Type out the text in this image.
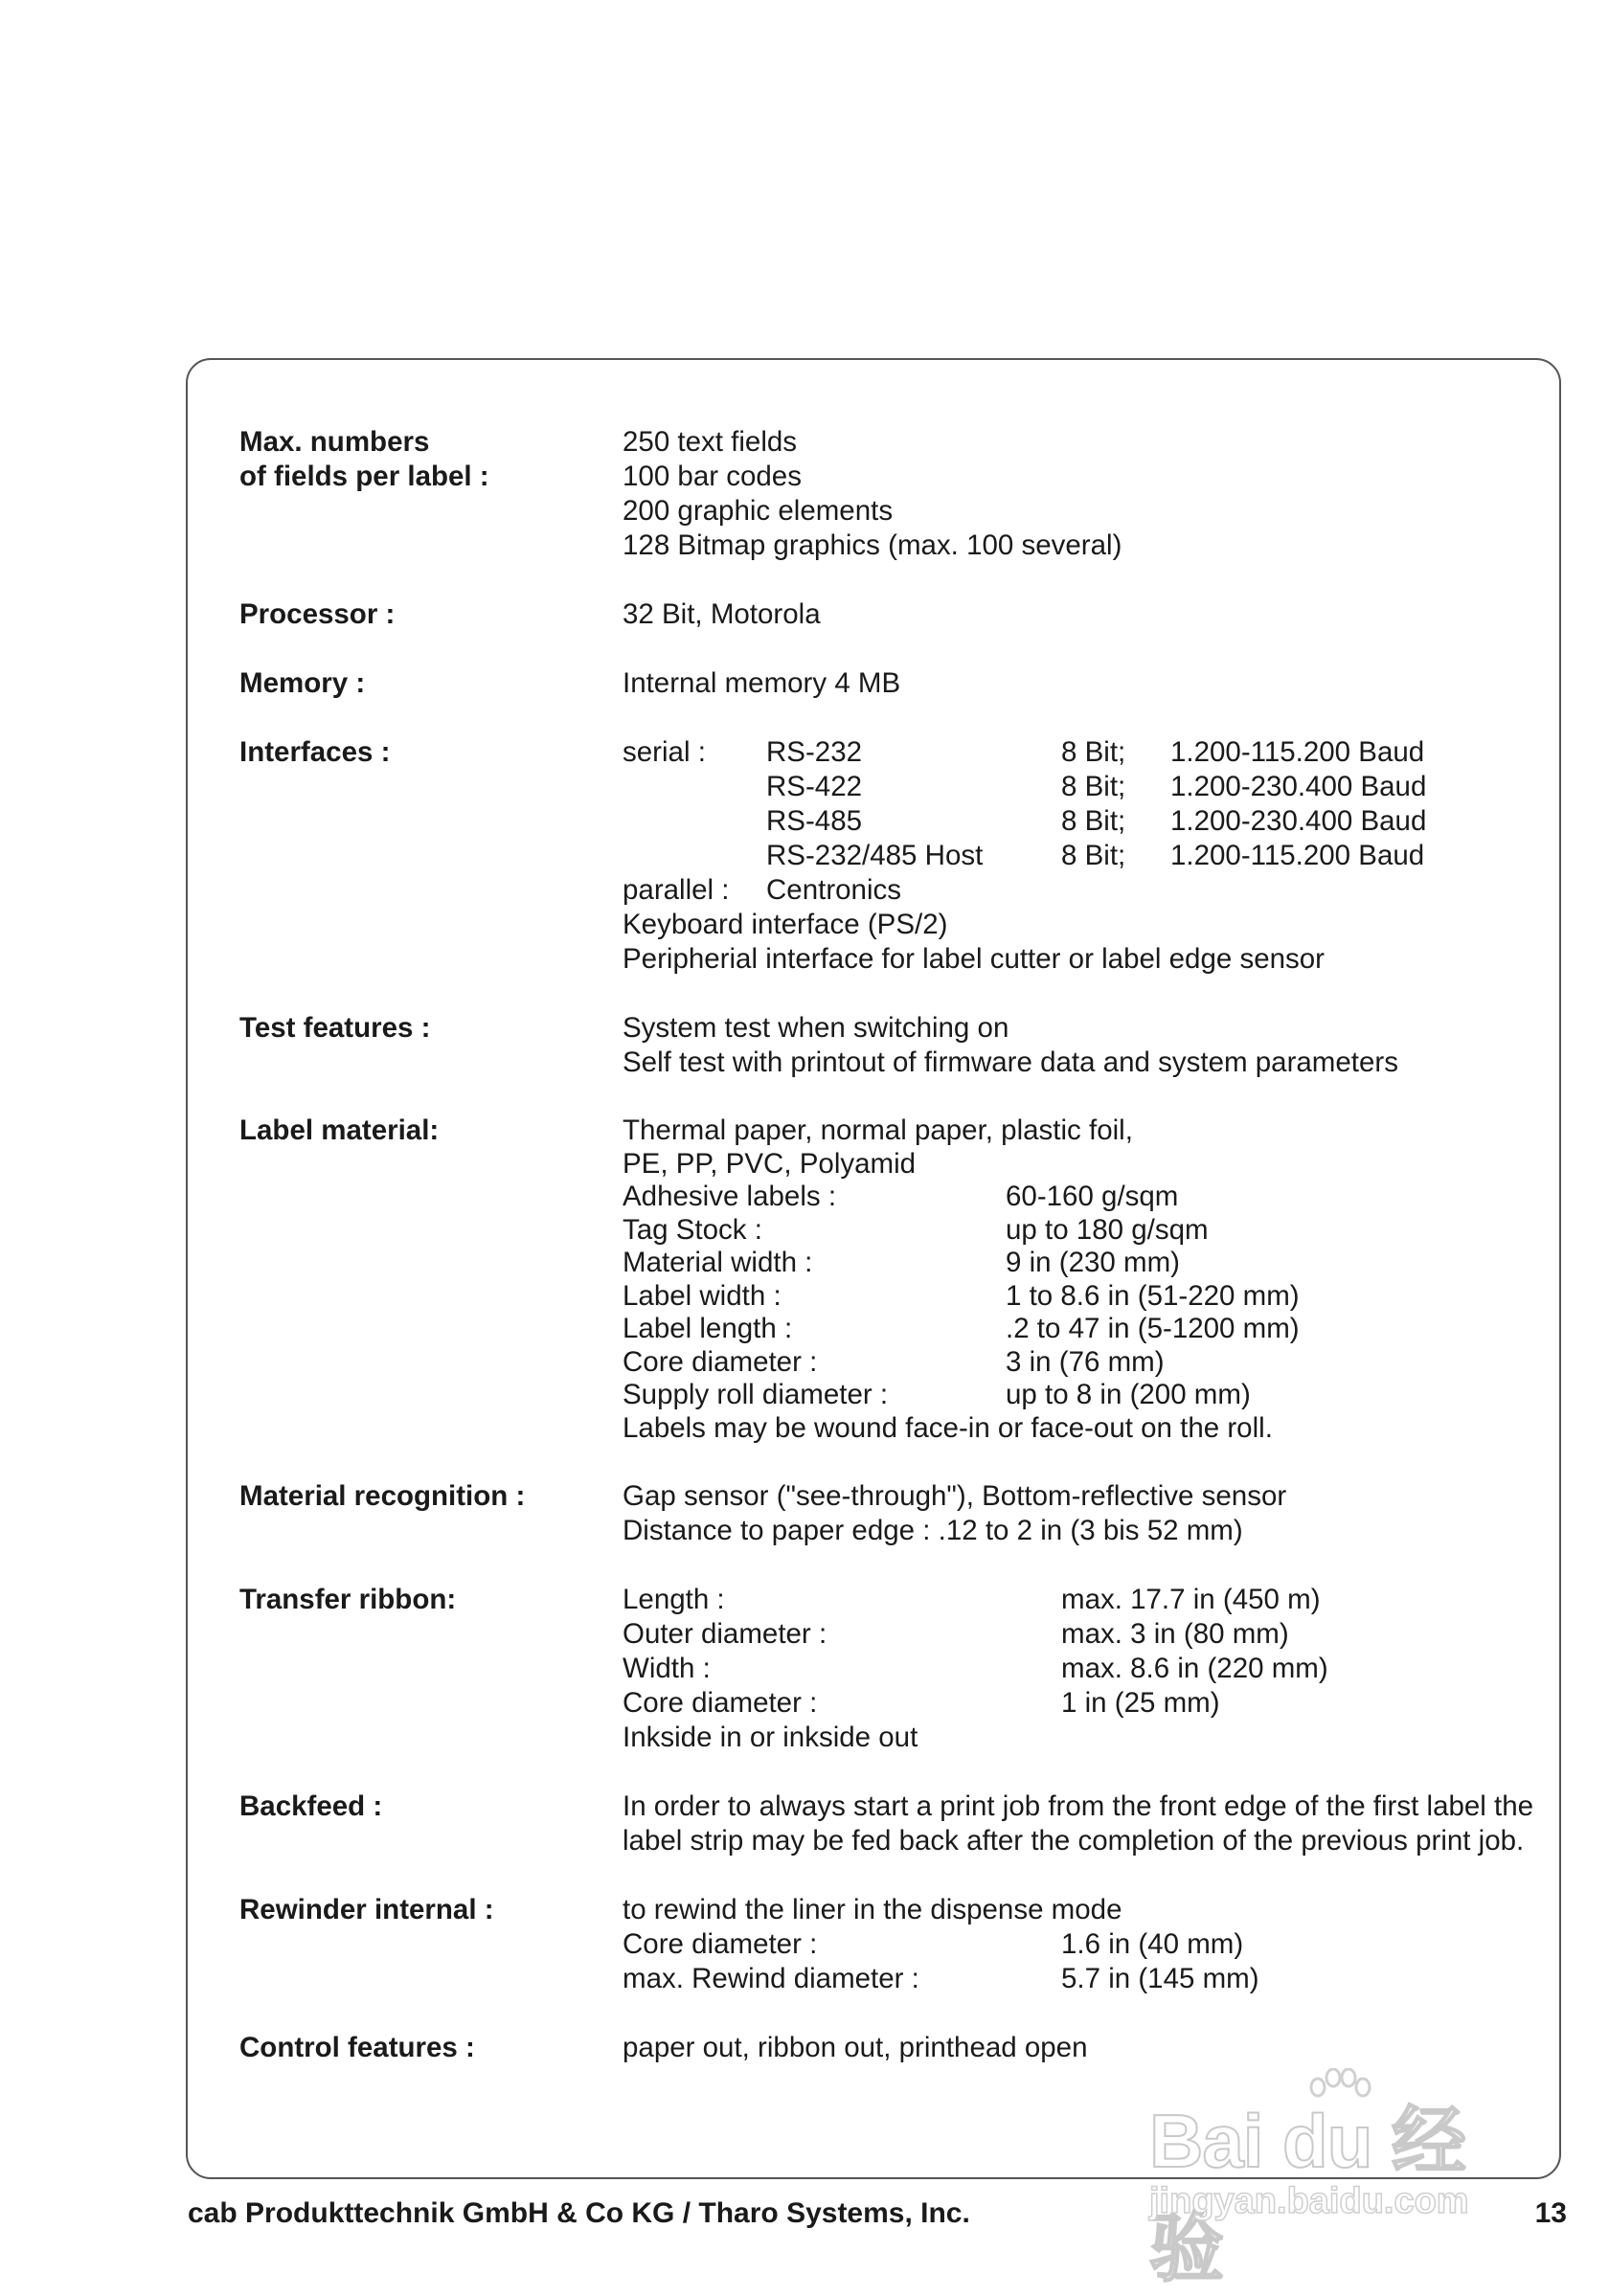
Max. numbers
of fields per label :
250 text fields
100 bar codes
200 graphic elements
128 Bitmap graphics (max. 100 several)
Processor :	32 Bit, Motorola
Memory :	Internal memory 4 MB
Interfaces :	serial :	RS-232	8 Bit;	1.200-115.200 Baud
RS-422	8 Bit;	1.200-230.400 Baud
RS-485	8 Bit;	1.200-230.400 Baud
RS-232/485 Host	8 Bit;	1.200-115.200 Baud
parallel :	Centronics
Keyboard interface (PS/2)
Peripherial interface for label cutter or label edge sensor
Test features :	System test when switching on
Self test with printout of firmware data and system parameters
Label material:	Thermal paper, normal paper, plastic foil,
PE, PP, PVC, Polyamid
Adhesive labels :	60-160 g/sqm
Tag Stock :	up to 180 g/sqm
Material width :	9 in (230 mm)
Label width :	1 to 8.6 in (51-220 mm)
Label length :	.2 to 47 in (5-1200 mm)
Core diameter :	3 in (76 mm)
Supply roll diameter :	up to 8 in (200 mm)
Labels may be wound face-in or face-out on the roll.
Material recognition :	Gap sensor ("see-through"), Bottom-reflective sensor
Distance to paper edge : .12 to 2 in (3 bis 52 mm)
Transfer ribbon:	Length :	max. 17.7 in (450 m)
Outer diameter :	max. 3 in (80 mm)
Width :	max. 8.6 in (220 mm)
Core diameter :	1 in (25 mm)
Inkside in or inkside out
Backfeed :	In order to always start a print job from the front edge of the first label the label strip may be fed back after the completion of the previous print job.
Rewinder internal :	to rewind the liner in the dispense mode
Core diameter :	1.6 in (40 mm)
max. Rewind diameter :	5.7 in (145 mm)
Control features :	paper out, ribbon out, printhead open
Bai du 经验
jingyan.baidu.com
cab Produkttechnik GmbH & Co KG / Tharo Systems, Inc.	13
